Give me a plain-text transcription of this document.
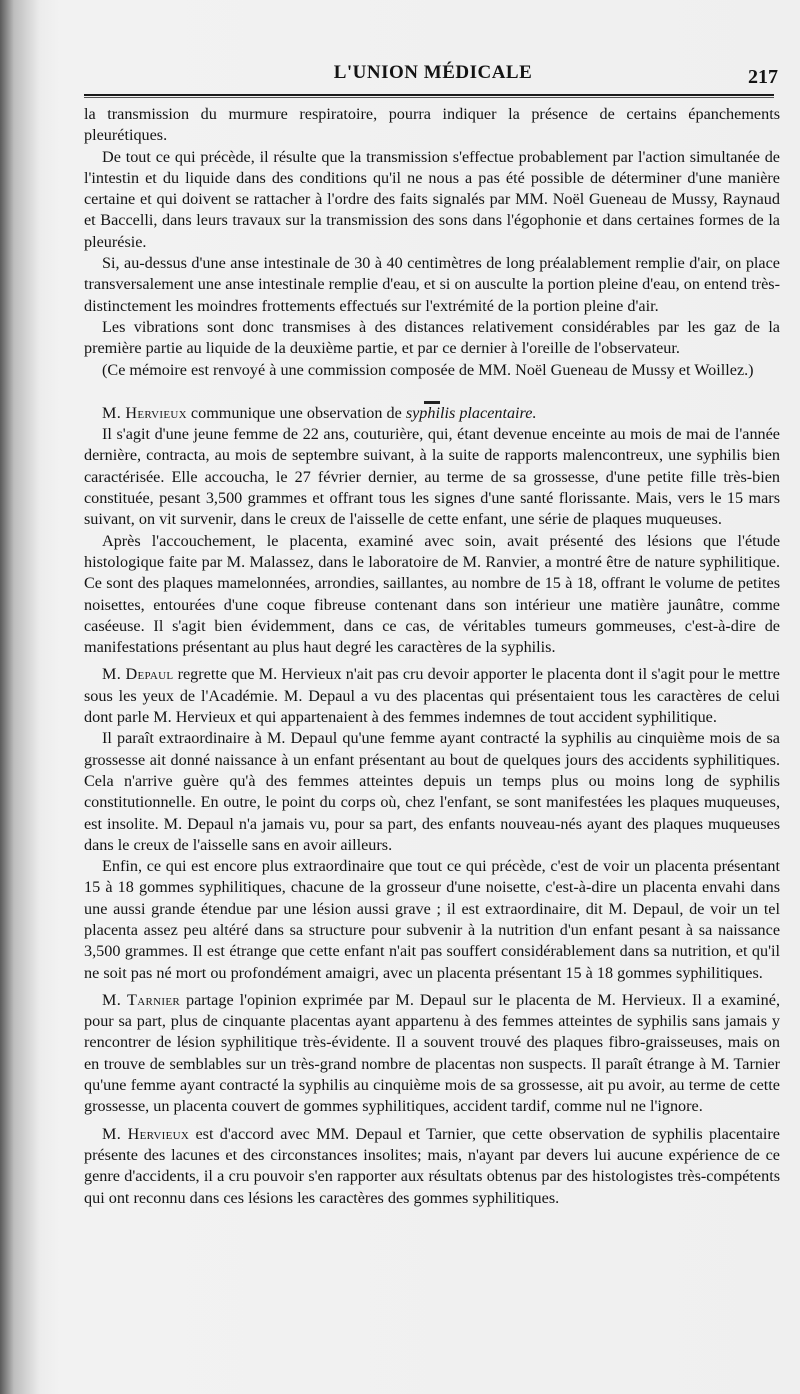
L'UNION MÉDICALE	217

la transmission du murmure respiratoire, pourra indiquer la présence de certains épanchements pleurétiques.

De tout ce qui précède, il résulte que la transmission s'effectue probablement par l'action simultanée de l'intestin et du liquide dans des conditions qu'il ne nous a pas été possible de déterminer d'une manière certaine et qui doivent se rattacher à l'ordre des faits signalés par MM. Noël Gueneau de Mussy, Raynaud et Baccelli, dans leurs travaux sur la transmission des sons dans l'égophonie et dans certaines formes de la pleurésie.

Si, au-dessus d'une anse intestinale de 30 à 40 centimètres de long préalablement remplie d'air, on place transversalement une anse intestinale remplie d'eau, et si on ausculte la portion pleine d'eau, on entend très-distinctement les moindres frottements effectués sur l'extrémité de la portion pleine d'air.

Les vibrations sont donc transmises à des distances relativement considérables par les gaz de la première partie au liquide de la deuxième partie, et par ce dernier à l'oreille de l'observateur.

(Ce mémoire est renvoyé à une commission composée de MM. Noël Gueneau de Mussy et Woillez.)

M. Hervieux communique une observation de syphilis placentaire.

Il s'agit d'une jeune femme de 22 ans, couturière, qui, étant devenue enceinte au mois de mai de l'année dernière, contracta, au mois de septembre suivant, à la suite de rapports malencontreux, une syphilis bien caractérisée. Elle accoucha, le 27 février dernier, au terme de sa grossesse, d'une petite fille très-bien constituée, pesant 3,500 grammes et offrant tous les signes d'une santé florissante. Mais, vers le 15 mars suivant, on vit survenir, dans le creux de l'aisselle de cette enfant, une série de plaques muqueuses.

Après l'accouchement, le placenta, examiné avec soin, avait présenté des lésions que l'étude histologique faite par M. Malassez, dans le laboratoire de M. Ranvier, a montré être de nature syphilitique. Ce sont des plaques mamelonnées, arrondies, saillantes, au nombre de 15 à 18, offrant le volume de petites noisettes, entourées d'une coque fibreuse contenant dans son intérieur une matière jaunâtre, comme caséeuse. Il s'agit bien évidemment, dans ce cas, de véritables tumeurs gommeuses, c'est-à-dire de manifestations présentant au plus haut degré les caractères de la syphilis.

M. Depaul regrette que M. Hervieux n'ait pas cru devoir apporter le placenta dont il s'agit pour le mettre sous les yeux de l'Académie. M. Depaul a vu des placentas qui présentaient tous les caractères de celui dont parle M. Hervieux et qui appartenaient à des femmes indemnes de tout accident syphilitique.

Il paraît extraordinaire à M. Depaul qu'une femme ayant contracté la syphilis au cinquième mois de sa grossesse ait donné naissance à un enfant présentant au bout de quelques jours des accidents syphilitiques. Cela n'arrive guère qu'à des femmes atteintes depuis un temps plus ou moins long de syphilis constitutionnelle. En outre, le point du corps où, chez l'enfant, se sont manifestées les plaques muqueuses, est insolite. M. Depaul n'a jamais vu, pour sa part, des enfants nouveau-nés ayant des plaques muqueuses dans le creux de l'aisselle sans en avoir ailleurs.

Enfin, ce qui est encore plus extraordinaire que tout ce qui précède, c'est de voir un placenta présentant 15 à 18 gommes syphilitiques, chacune de la grosseur d'une noisette, c'est-à-dire un placenta envahi dans une aussi grande étendue par une lésion aussi grave ; il est extraordinaire, dit M. Depaul, de voir un tel placenta assez peu altéré dans sa structure pour subvenir à la nutrition d'un enfant pesant à sa naissance 3,500 grammes. Il est étrange que cette enfant n'ait pas souffert considérablement dans sa nutrition, et qu'il ne soit pas né mort ou profondément amaigri, avec un placenta présentant 15 à 18 gommes syphilitiques.

M. Tarnier partage l'opinion exprimée par M. Depaul sur le placenta de M. Hervieux. Il a examiné, pour sa part, plus de cinquante placentas ayant appartenu à des femmes atteintes de syphilis sans jamais y rencontrer de lésion syphilitique très-évidente. Il a souvent trouvé des plaques fibro-graisseuses, mais on en trouve de semblables sur un très-grand nombre de placentas non suspects. Il paraît étrange à M. Tarnier qu'une femme ayant contracté la syphilis au cinquième mois de sa grossesse, ait pu avoir, au terme de cette grossesse, un placenta couvert de gommes syphilitiques, accident tardif, comme nul ne l'ignore.

M. Hervieux est d'accord avec MM. Depaul et Tarnier, que cette observation de syphilis placentaire présente des lacunes et des circonstances insolites; mais, n'ayant par devers lui aucune expérience de ce genre d'accidents, il a cru pouvoir s'en rapporter aux résultats obtenus par des histologistes très-compétents qui ont reconnu dans ces lésions les caractères des gommes syphilitiques.
